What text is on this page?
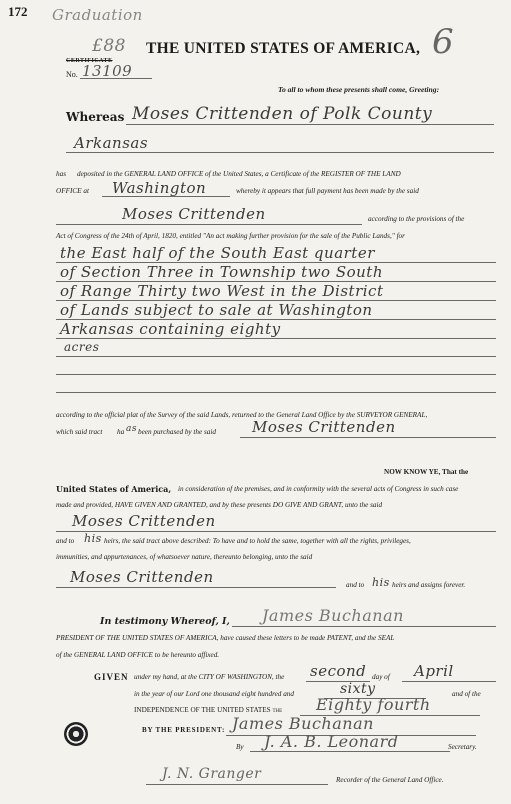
172 Graduation
£88 THE UNITED STATES OF AMERICA, 6
CERTIFICATE
No. 13109
To all to whom these presents shall come, Greeting:
Whereas Moses Crittenden of Polk County
Arkansas
has deposited in the GENERAL LAND OFFICE of the United States, a Certificate of the REGISTER OF THE LAND
OFFICE at Washington	whereby it appears that full payment has been made by the said
Moses Crittenden	according to the provisions of the
Act of Congress of the 24th of April, 1820, entitled "An act making further provision for the sale of the Public Lands," for
the East half of the South East quarter
of Section Three in Township two South
of Range Thirty two West in the District
of Lands subject to sale at Washington
Arkansas containing eighty
acres
according to the official plat of the Survey of the said Lands, returned to the General Land Office by the SURVEYOR GENERAL,
which said tract ha as been purchased by the said Moses Crittenden
NOW KNOW YE, That the
United States of America, in consideration of the premises, and in conformity with the several acts of Congress in such case
made and provided, HAVE GIVEN AND GRANTED, and by these presents DO GIVE AND GRANT, unto the said
Moses Crittenden
and to his heirs, the said tract above described: To have and to hold the same, together with all the rights, privileges,
immunities, and appurtenances, of whatsoever nature, thereunto belonging, unto the said
Moses Crittenden	and to his heirs and assigns forever.
In testimony Whereof, I, James Buchanan
PRESIDENT OF THE UNITED STATES OF AMERICA, have caused these letters to be made PATENT, and the SEAL
of the GENERAL LAND OFFICE to be hereunto affixed.
GIVEN under my hand, at the CITY OF WASHINGTON, the second day of April
in the year of our Lord one thousand eight hundred and	sixty	and of the
INDEPENDENCE OF THE UNITED STATES the Eighty fourth
BY THE PRESIDENT: James Buchanan
By J. A. B. Leonard	Secretary.
J. N. Granger	Recorder of the General Land Office.
